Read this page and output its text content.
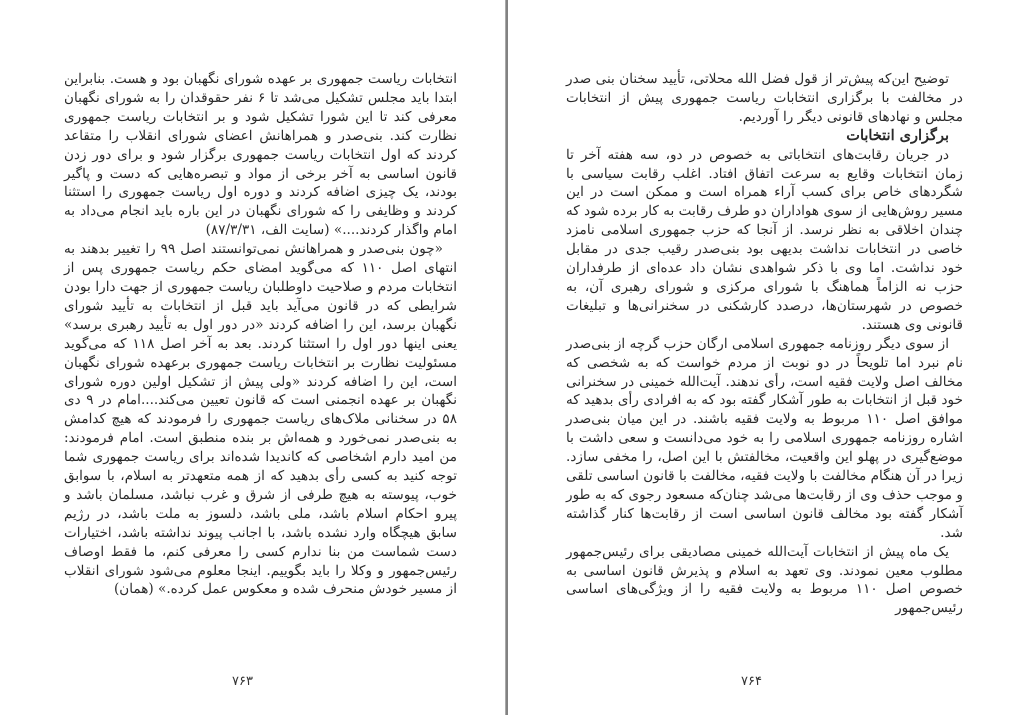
انتخابات ریاست جمهوری بر عهده شورای نگهبان بود و هست. بنابراین ابتدا باید مجلس تشکیل می‌شد تا ۶ نفر حقوقدان را به شورای نگهبان معرفی کند تا این شورا تشکیل شود و بر انتخابات ریاست جمهوری نظارت کند. بنی‌صدر و همراهانش اعضای شورای انقلاب را متقاعد کردند که اول انتخابات ریاست جمهوری برگزار شود و برای دور زدن قانون اساسی به آخر برخی از مواد و تبصره‌هایی که دست و پاگیر بودند، یک چیزی اضافه کردند و دوره اول ریاست جمهوری را استثنا کردند و وظایفی را که شورای نگهبان در این باره باید انجام می‌داد به امام واگذار کردند....» (سایت الف، ۸۷/۳/۳۱)

«چون بنی‌صدر و همراهانش نمی‌توانستند اصل ۹۹ را تغییر بدهند به انتهای اصل ۱۱۰ که می‌گوید امضای حکم ریاست جمهوری پس از انتخابات مردم و صلاحیت داوطلبان ریاست جمهوری از جهت دارا بودن شرایطی که در قانون می‌آید باید قبل از انتخابات به تأیید شورای نگهبان برسد، این را اضافه کردند «در دور اول به تأیید رهبری برسد» یعنی اینها دور اول را استثنا کردند. بعد به آخر اصل ۱۱۸ که می‌گوید مسئولیت نظارت بر انتخابات ریاست جمهوری برعهده شورای نگهبان است، این را اضافه کردند «ولی پیش از تشکیل اولین دوره شورای نگهبان بر عهده انجمنی است که قانون تعیین می‌کند....امام در ۹ دی ۵۸ در سخنانی ملاک‌های ریاست جمهوری را فرمودند که هیچ کدامش به بنی‌صدر نمی‌خورد و همه‌اش بر بنده منطبق است. امام فرمودند: من امید دارم اشخاصی که کاندیدا شده‌اند برای ریاست جمهوری شما توجه کنید به کسی رأی بدهید که از همه متعهدتر به اسلام، با سوابق خوب، پیوسته به هیچ طرفی از شرق و غرب نباشد، مسلمان باشد و پیرو احکام اسلام باشد، ملی باشد، دلسوز به ملت باشد، در رژیم سابق هیچگاه وارد نشده باشد، با اجانب پیوند نداشته باشد، اختیارات دست شماست من بنا ندارم کسی را معرفی کنم، ما فقط اوصاف رئیس‌جمهور و وکلا را باید بگوییم. اینجا معلوم می‌شود شورای انقلاب از مسیر خودش منحرف شده و معکوس عمل کرده.» (همان)

۷۶۳

توضیح این‌که پیش‌تر از قول فضل الله محلاتی، تأیید سخنان بنی صدر در مخالفت با برگزاری انتخابات ریاست جمهوری پیش از انتخابات مجلس و نهادهای قانونی دیگر را آوردیم.

برگزاری انتخابات

در جریان رقابت‌های انتخاباتی به خصوص در دو، سه هفته آخر تا زمان انتخابات وقایع به سرعت اتفاق افتاد. اغلب رقابت سیاسی با شگردهای خاص برای کسب آراء همراه است و ممکن است در این مسیر روش‌هایی از سوی هواداران دو طرف رقابت به کار برده شود که چندان اخلاقی به نظر نرسد. از آنجا که حزب جمهوری اسلامی نامزد خاصی در انتخابات نداشت بدیهی بود بنی‌صدر رقیب جدی در مقابل خود نداشت. اما وی با ذکر شواهدی نشان داد عده‌ای از طرفداران حزب نه الزاماً هماهنگ با شورای مرکزی و شورای رهبری آن، به خصوص در شهرستان‌ها، درصدد کارشکنی در سخنرانی‌ها و تبلیغات قانونی وی هستند.

از سوی دیگر روزنامه جمهوری اسلامی ارگان حزب گرچه از بنی‌صدر نام نبرد اما تلویحاً در دو نوبت از مردم خواست که به شخصی که مخالف اصل ولایت فقیه است، رأی ندهند. آیت‌الله خمینی در سخنرانی خود قبل از انتخابات به طور آشکار گفته بود که به افرادی رأی بدهید که موافق اصل ۱۱۰ مربوط به ولایت فقیه باشند. در این میان بنی‌صدر اشاره روزنامه جمهوری اسلامی را به خود می‌دانست و سعی داشت با موضع‌گیری در پهلو این واقعیت، مخالفتش با این اصل، را مخفی سازد. زیرا در آن هنگام مخالفت با ولایت فقیه، مخالفت با قانون اساسی تلقی و موجب حذف وی از رقابت‌ها می‌شد چنان‌که مسعود رجوی که به طور آشکار گفته بود مخالف قانون اساسی است از رقابت‌ها کنار گذاشته شد.

یک ماه پیش از انتخابات آیت‌الله خمینی مصادیقی برای رئیس‌جمهور مطلوب معین نمودند. وی تعهد به اسلام و پذیرش قانون اساسی به خصوص اصل ۱۱۰ مربوط به ولایت فقیه را از ویژگی‌های اساسی رئیس‌جمهور

۷۶۴
